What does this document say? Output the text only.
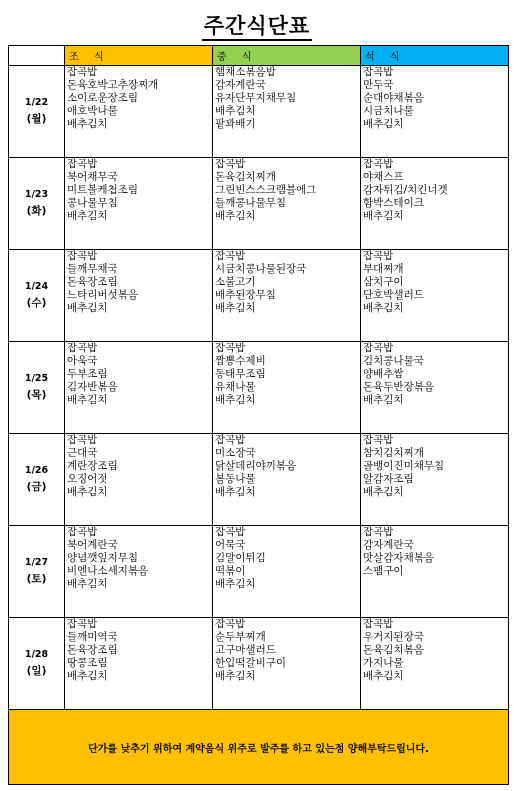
주간식단표
	조 식	중 식	석 식

1/22
(월)	잡곡밥
돈육호박고추장찌개
소이로운장조림
애호박나물
배추김치	햄채소볶음밥
감자계란국
유자단무지채무침
배추김치
팥꽈배기	잡곡밥
만두국
순대야채볶음
시금치나물
배추김치

1/23
(화)	잡곡밥
북어채무국
미트볼케첩조림
콩나물무침
배추김치	잡곡밥
돈육김치찌개
그린빈스스크램블에그
들깨콩나물무침
배추김치	잡곡밥
야채스프
감자튀김/치킨너겟
함박스테이크
배추김치

1/24
(수)	잡곡밥
들깨무채국
돈육장조림
느타리버섯볶음
배추김치	잡곡밥
시금치콩나물된장국
소불고기
배추된장무침
배추김치	잡곡밥
부대찌개
삼치구이
단호박샐러드
배추김치

1/25
(목)	잡곡밥
아욱국
두부조림
김자반볶음
배추김치	잡곡밥
짬뽕수제비
동태무조림
유채나물
배추김치	잡곡밥
김치콩나물국
양배추쌈
돈육두반장볶음
배추김치

1/26
(금)	잡곡밥
근대국
계란장조림
오징어젓
배추김치	잡곡밥
미소장국
닭살데리야끼볶음
봄동나물
배추김치	잡곡밥
참치김치찌개
골뱅이진미채무침
알감자조림
배추김치

1/27
(토)	잡곡밥
북어계란국
양념깻잎지무침
비엔나소세지볶음
배추김치	잡곡밥
어묵국
김말이튀김
떡볶이
배추김치	잡곡밥
감자계란국
맛살감자채볶음
스팸구이

1/28
(일)	잡곡밥
들깨미역국
돈육장조림
땅콩조림
배추김치	잡곡밥
순두부찌개
고구마샐러드
한입떡갈비구이
배추김치	잡곡밥
우거지된장국
돈육김치볶음
가지나물
배추김치

단가를 낮추기 위하여 계약음식 위주로 발주를 하고 있는점 양해부탁드립니다.			
